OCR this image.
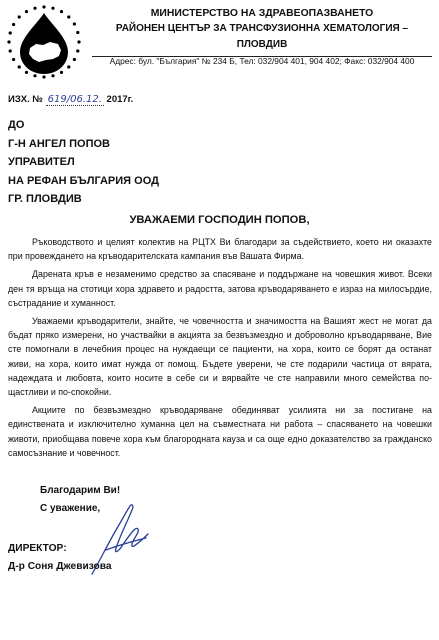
МИНИСТЕРСТВО НА ЗДРАВЕОПАЗВАНЕТО
РАЙОНЕН ЦЕНТЪР ЗА ТРАНСФУЗИОННА ХЕМАТОЛОГИЯ – ПЛОВДИВ
Адрес: бул. "България" № 234 Б, Тел: 032/904 401, 904 402; Факс: 032/904 400
ИЗХ. № 619/06.12. 2017г.
ДО
Г-Н АНГЕЛ ПОПОВ
УПРАВИТЕЛ
НА РЕФАН БЪЛГАРИЯ ООД
ГР. ПЛОВДИВ
УВАЖАЕМИ ГОСПОДИН ПОПОВ,

Ръководството и целият колектив на РЦТХ Ви благодари за съдействието, което ни оказахте при провеждането на кръводарителската кампания във Вашата Фирма.

Дарената кръв е незаменимо средство за спасяване и поддържане на човешкия живот. Всеки ден тя връща на стотици хора здравето и радостта, затова кръводаряването е израз на милосърдие, състрадание и хуманност.

Уважаеми кръводарители, знайте, че човечността и значимостта на Вашият жест не могат да бъдат пряко измерени, но участвайки в акцията за безвъзмездно и доброволно кръводаряване, Вие сте помогнали в лечебния процес на нуждаещи се пациенти, на хора, които се борят да останат живи, на хора, които имат нужда от помощ. Бъдете уверени, че сте подарили частица от вярата, надеждата и любовта, които носите в себе си и вярвайте че сте направили много семейства по-щастливи и по-спокойни.

Акциите по безвъзмездно кръводаряване обединяват усилията ни за постигане на единствената и изключително хуманна цел на съвместната ни работа – спасяването на човешки животи, приобщава повече хора към благородната кауза и са още едно доказателство за гражданско самосъзнание и човечност.

Благодарим Ви!
С уважение,
ДИРЕКТОР:
Д-р Соня Джевизова
